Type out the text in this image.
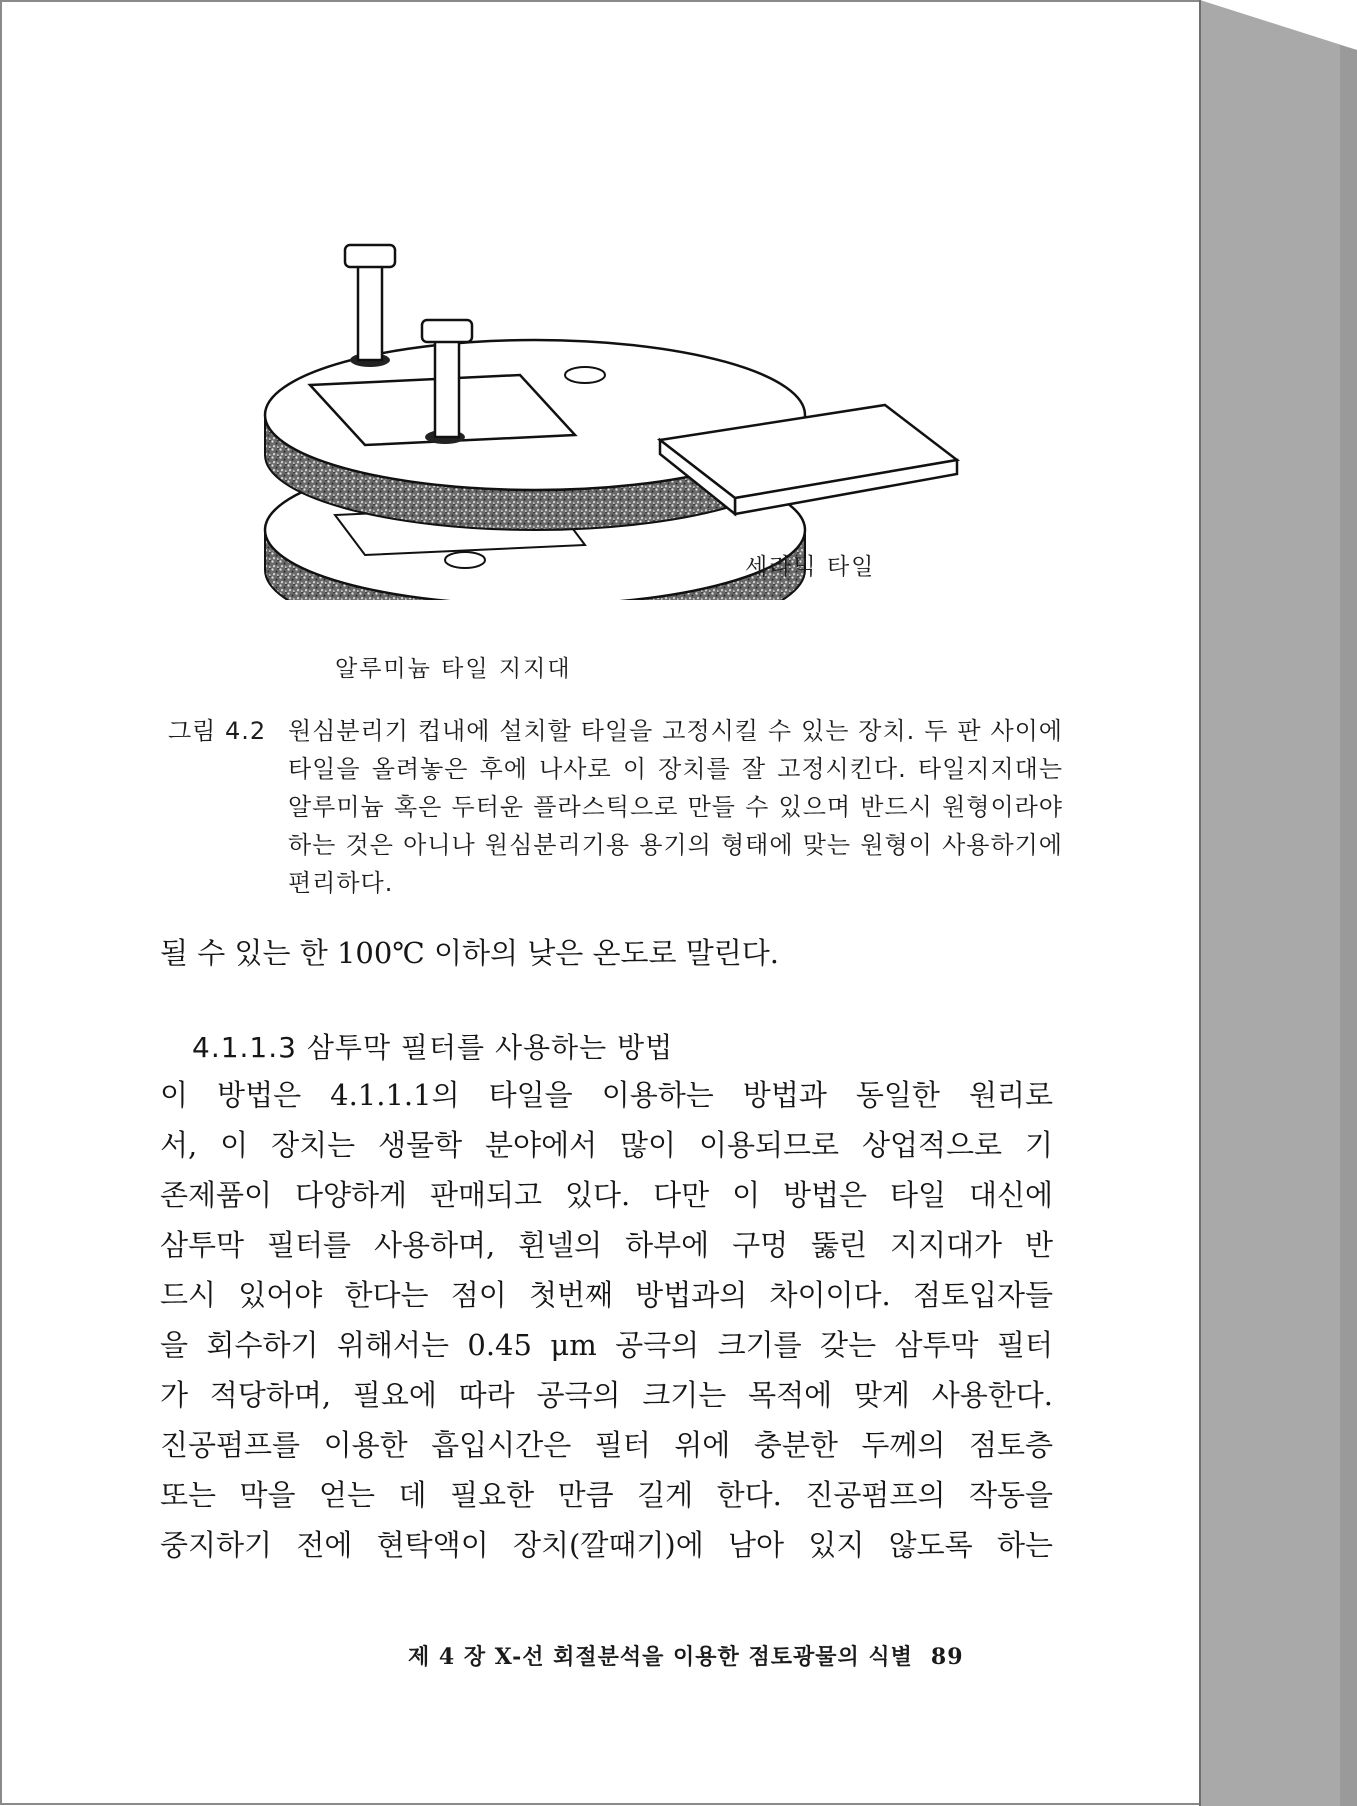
세라믹 타일
알루미늄 타일 지지대
그림 4.2 원심분리기 컵내에 설치할 타일을 고정시킬 수 있는 장치. 두 판 사이에 타일을 올려놓은 후에 나사로 이 장치를 잘 고정시킨다. 타일지지대는 알루미늄 혹은 두터운 플라스틱으로 만들 수 있으며 반드시 원형이라야 하는 것은 아니나 원심분리기용 용기의 형태에 맞는 원형이 사용하기에 편리하다.
될 수 있는 한 100℃ 이하의 낮은 온도로 말린다.
4.1.1.3 삼투막 필터를 사용하는 방법
이 방법은 4.1.1.1의 타일을 이용하는 방법과 동일한 원리로
서, 이 장치는 생물학 분야에서 많이 이용되므로 상업적으로 기
존제품이 다양하게 판매되고 있다. 다만 이 방법은 타일 대신에
삼투막 필터를 사용하며, 휜넬의 하부에 구멍 뚫린 지지대가 반
드시 있어야 한다는 점이 첫번째 방법과의 차이이다. 점토입자들
을 회수하기 위해서는 0.45 μm 공극의 크기를 갖는 삼투막 필터
가 적당하며, 필요에 따라 공극의 크기는 목적에 맞게 사용한다.
진공펌프를 이용한 흡입시간은 필터 위에 충분한 두께의 점토층
또는 막을 얻는 데 필요한 만큼 길게 한다. 진공펌프의 작동을
중지하기 전에 현탁액이 장치(깔때기)에 남아 있지 않도록 하는
제 4 장 X-선 회절분석을 이용한 점토광물의 식별 89
